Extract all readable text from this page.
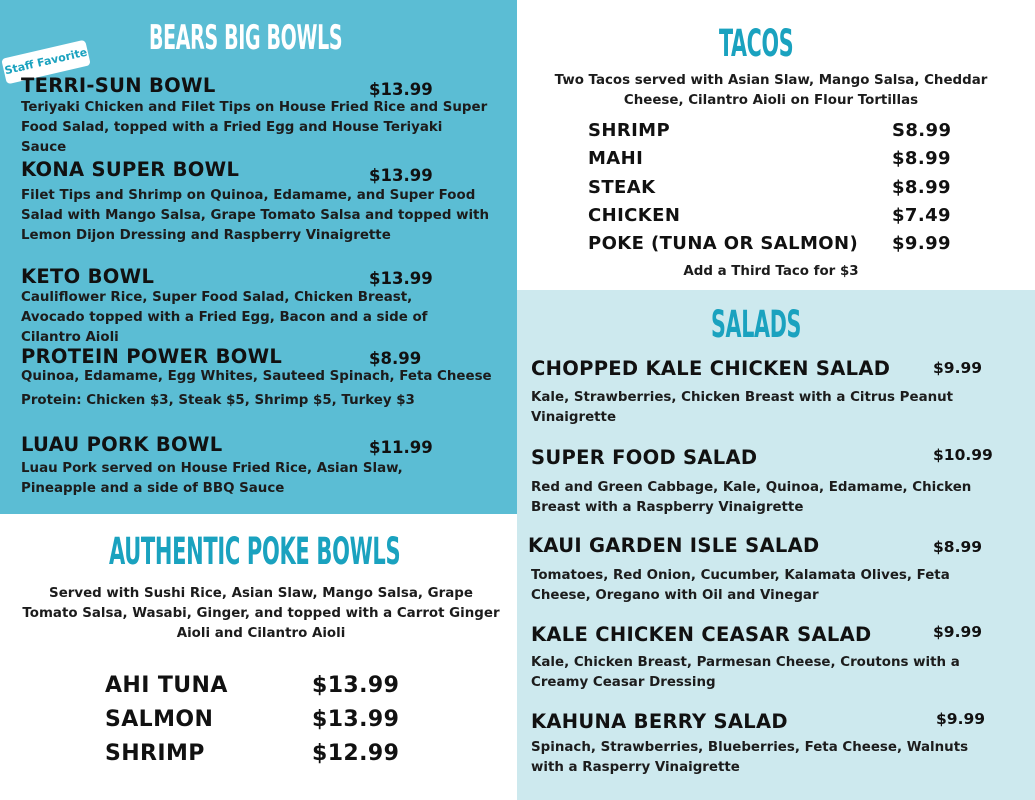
BEARS BIG BOWLS
Staff Favorite
TERRI-SUN BOWL	$13.99
Teriyaki Chicken and Filet Tips on House Fried Rice and Super Food Salad, topped with a Fried Egg and House Teriyaki Sauce
KONA SUPER BOWL	$13.99
Filet Tips and Shrimp on Quinoa, Edamame, and Super Food Salad with Mango Salsa, Grape Tomato Salsa and topped with Lemon Dijon Dressing and Raspberry Vinaigrette
KETO BOWL	$13.99
Cauliflower Rice, Super Food Salad, Chicken Breast, Avocado topped with a Fried Egg, Bacon and a side of Cilantro Aioli
PROTEIN POWER BOWL	$8.99
Quinoa, Edamame, Egg Whites, Sauteed Spinach, Feta Cheese
Protein: Chicken $3, Steak $5, Shrimp $5, Turkey $3
LUAU PORK BOWL	$11.99
Luau Pork served on House Fried Rice, Asian Slaw, Pineapple and a side of BBQ Sauce
AUTHENTIC POKE BOWLS
Served with Sushi Rice, Asian Slaw, Mango Salsa, Grape Tomato Salsa, Wasabi, Ginger, and topped with a Carrot Ginger Aioli and Cilantro Aioli
AHI TUNA	$13.99
SALMON	$13.99
SHRIMP	$12.99
TACOS
Two Tacos served with Asian Slaw, Mango Salsa, Cheddar Cheese, Cilantro Aioli on Flour Tortillas
SHRIMP	S8.99
MAHI	$8.99
STEAK	$8.99
CHICKEN	$7.49
POKE (TUNA OR SALMON) $9.99
Add a Third Taco for $3
SALADS
CHOPPED KALE CHICKEN SALAD	$9.99
Kale, Strawberries, Chicken Breast with a Citrus Peanut Vinaigrette
SUPER FOOD SALAD	$10.99
Red and Green Cabbage, Kale, Quinoa, Edamame, Chicken Breast with a Raspberry Vinaigrette
KAUI GARDEN ISLE SALAD	$8.99
Tomatoes, Red Onion, Cucumber, Kalamata Olives, Feta Cheese, Oregano with Oil and Vinegar
KALE CHICKEN CEASAR SALAD	$9.99
Kale, Chicken Breast, Parmesan Cheese, Croutons with a Creamy Ceasar Dressing
KAHUNA BERRY SALAD	$9.99
Spinach, Strawberries, Blueberries, Feta Cheese, Walnuts with a Rasperry Vinaigrette
